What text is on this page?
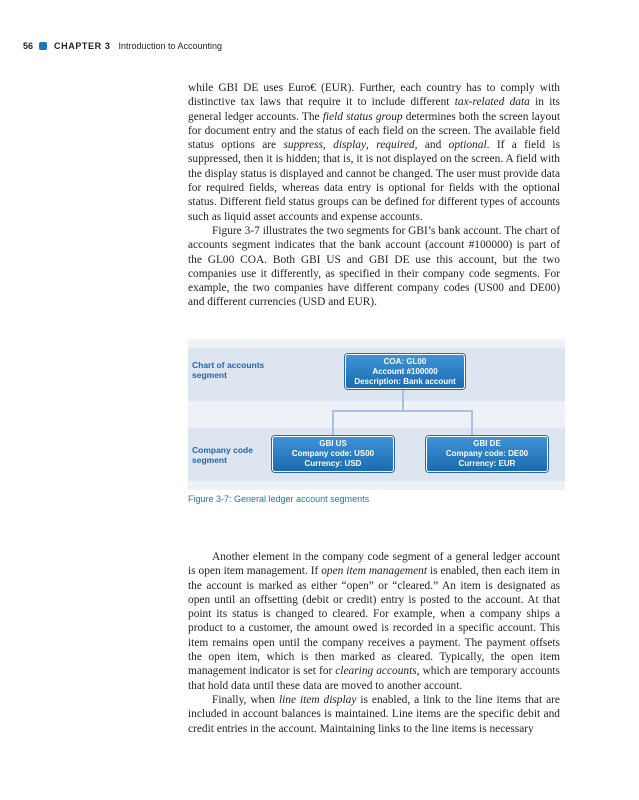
56 CHAPTER 3 Introduction to Accounting

while GBI DE uses Euro€ (EUR). Further, each country has to comply with distinctive tax laws that require it to include different tax-related data in its general ledger accounts. The field status group determines both the screen layout for document entry and the status of each field on the screen. The available field status options are suppress, display, required, and optional. If a field is suppressed, then it is hidden; that is, it is not displayed on the screen. A field with the display status is displayed and cannot be changed. The user must provide data for required fields, whereas data entry is optional for fields with the optional status. Different field status groups can be defined for different types of accounts such as liquid asset accounts and expense accounts.

Figure 3-7 illustrates the two segments for GBI’s bank account. The chart of accounts segment indicates that the bank account (account #100000) is part of the GL00 COA. Both GBI US and GBI DE use this account, but the two companies use it differently, as specified in their company code segments. For example, the two companies have different company codes (US00 and DE00) and different currencies (USD and EUR).

Chart of accounts segment
Company code segment
COA: GL00
Account #100000
Description: Bank account
GBI US
Company code: US00
Currency: USD
GBI DE
Company code: DE00
Currency: EUR
Figure 3-7: General ledger account segments

Another element in the company code segment of a general ledger account is open item management. If open item management is enabled, then each item in the account is marked as either “open” or “cleared.” An item is designated as open until an offsetting (debit or credit) entry is posted to the account. At that point its status is changed to cleared. For example, when a company ships a product to a customer, the amount owed is recorded in a specific account. This item remains open until the company receives a payment. The payment offsets the open item, which is then marked as cleared. Typically, the open item management indicator is set for clearing accounts, which are temporary accounts that hold data until these data are moved to another account.

Finally, when line item display is enabled, a link to the line items that are included in account balances is maintained. Line items are the specific debit and credit entries in the account. Maintaining links to the line items is necessary
